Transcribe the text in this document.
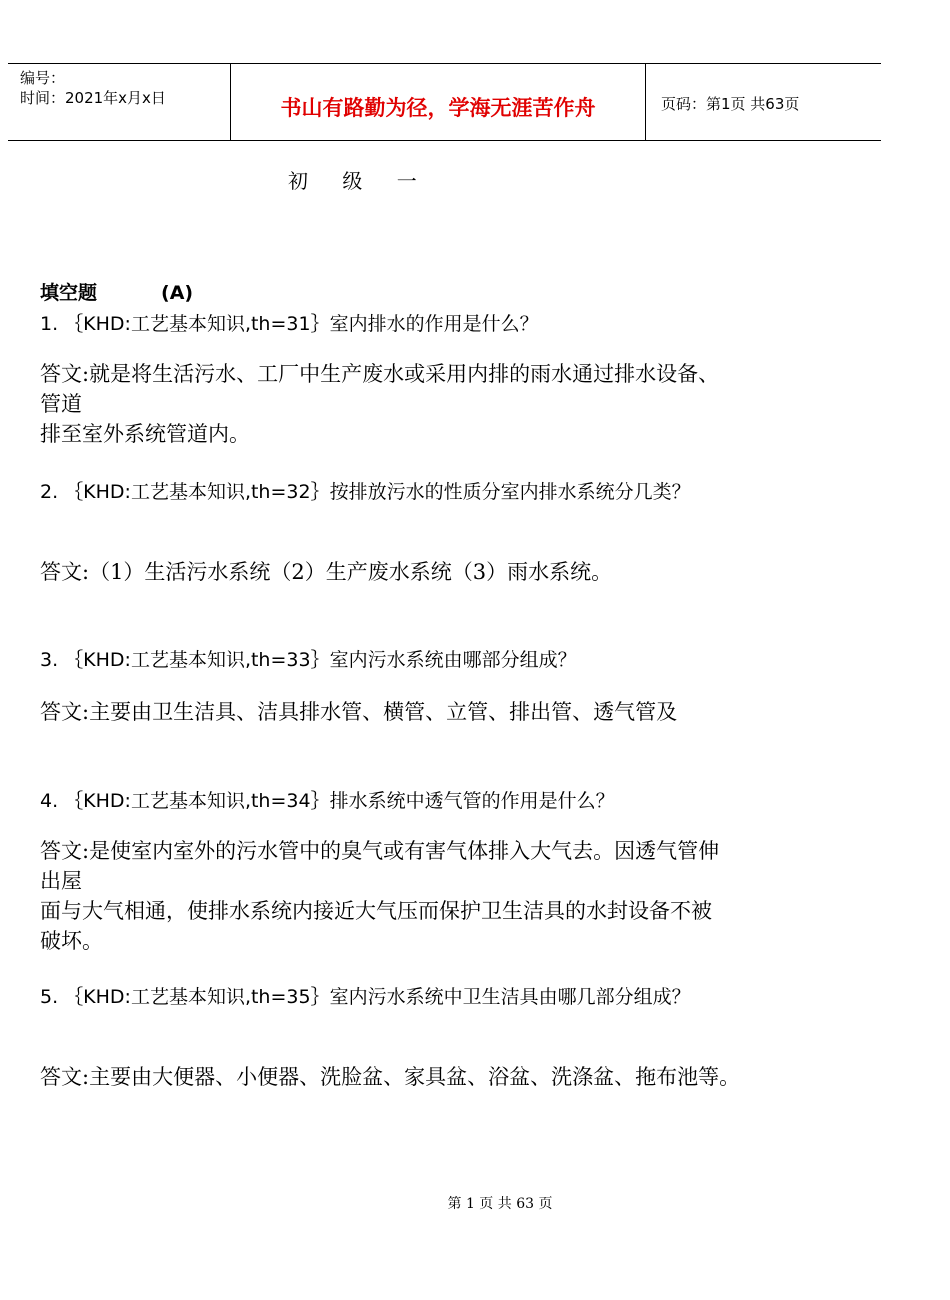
编号：
时间：2021年x月x日	书山有路勤为径，学海无涯苦作舟	页码：第1页 共63页
初 级 一
填空题	(A)
1. ｛KHD:工艺基本知识,th=31｝室内排水的作用是什么？
答文:就是将生活污水、工厂中生产废水或采用内排的雨水通过排水设备、
管道
排至室外系统管道内。
2. ｛KHD:工艺基本知识,th=32｝按排放污水的性质分室内排水系统分几类？
答文:（1）生活污水系统（2）生产废水系统（3）雨水系统。
3. ｛KHD:工艺基本知识,th=33｝室内污水系统由哪部分组成？
答文:主要由卫生洁具、洁具排水管、横管、立管、排出管、透气管及
4. ｛KHD:工艺基本知识,th=34｝排水系统中透气管的作用是什么？
答文:是使室内室外的污水管中的臭气或有害气体排入大气去。因透气管伸
出屋
面与大气相通，使排水系统内接近大气压而保护卫生洁具的水封设备不被
破坏。
5. ｛KHD:工艺基本知识,th=35｝室内污水系统中卫生洁具由哪几部分组成？
答文:主要由大便器、小便器、洗脸盆、家具盆、浴盆、洗涤盆、拖布池等。
第 1 页 共 63 页
